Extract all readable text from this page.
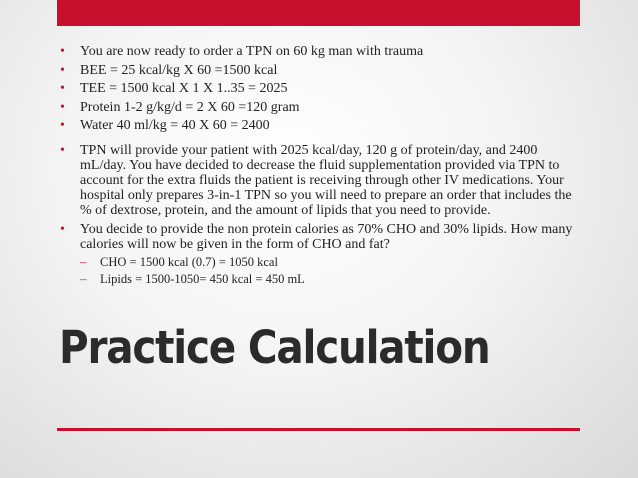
• You are now ready to order a TPN on 60 kg man with trauma
• BEE = 25 kcal/kg X 60 =1500 kcal
• TEE = 1500 kcal X 1 X 1..35 = 2025
• Protein 1-2 g/kg/d = 2 X 60 =120 gram
• Water 40 ml/kg = 40 X 60 = 2400
• TPN will provide your patient with 2025 kcal/day, 120 g of protein/day, and 2400 mL/day. You have decided to decrease the fluid supplementation provided via TPN to account for the extra fluids the patient is receiving through other IV medications. Your hospital only prepares 3-in-1 TPN so you will need to prepare an order that includes the % of dextrose, protein, and the amount of lipids that you need to provide.
• You decide to provide the non protein calories as 70% CHO and 30% lipids. How many calories will now be given in the form of CHO and fat?
– CHO = 1500 kcal (0.7) = 1050 kcal
– Lipids = 1500-1050= 450 kcal = 450 mL
Practice Calculation
